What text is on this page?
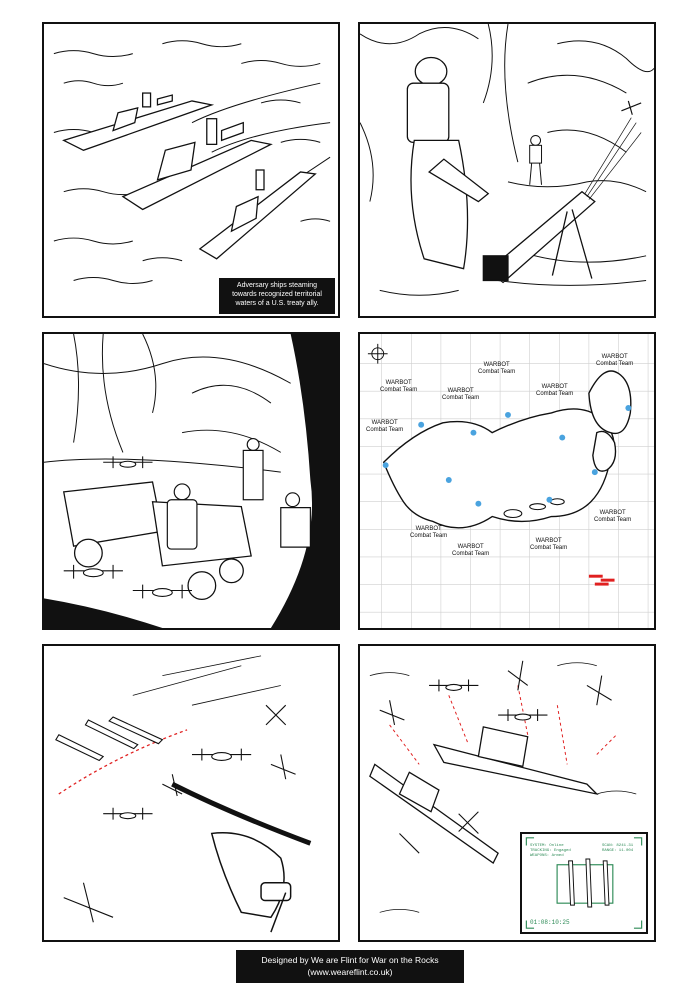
Adversary ships steaming
towards recognized territorial
waters of a U.S. treaty ally.
WARBOT
Combat Team
WARBOT
Combat Team
WARBOT
Combat Team	WARBOT
Combat Team
WARBOT
Combat Team
WARBOT
Combat Team
WARBOT
Combat Team
WARBOT
Combat Team
WARBOT
Combat Team
WARBOT
Combat Team
SYSTEM: Online
TRACKING: Engaged
WEAPONS: Armed
SCAN: 8241.31
RANGE: 11.004
01:08:10:25
Designed by We are Flint for War on the Rocks
(www.weareflint.co.uk)
